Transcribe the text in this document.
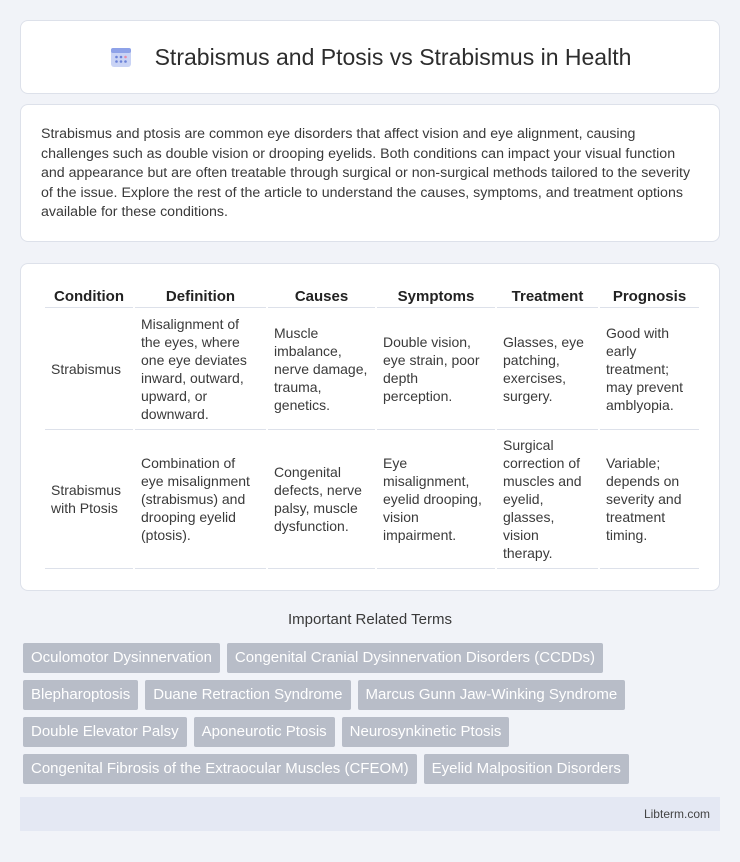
Strabismus and Ptosis vs Strabismus in Health

Strabismus and ptosis are common eye disorders that affect vision and eye alignment, causing challenges such as double vision or drooping eyelids. Both conditions can impact your visual function and appearance but are often treatable through surgical or non-surgical methods tailored to the severity of the issue. Explore the rest of the article to understand the causes, symptoms, and treatment options available for these conditions.

Condition	Definition	Causes	Symptoms	Treatment	Prognosis
Strabismus	Misalignment of the eyes, where one eye deviates inward, outward, upward, or downward.	Muscle imbalance, nerve damage, trauma, genetics.	Double vision, eye strain, poor depth perception.	Glasses, eye patching, exercises, surgery.	Good with early treatment; may prevent amblyopia.
Strabismus with Ptosis	Combination of eye misalignment (strabismus) and drooping eyelid (ptosis).	Congenital defects, nerve palsy, muscle dysfunction.	Eye misalignment, eyelid drooping, vision impairment.	Surgical correction of muscles and eyelid, glasses, vision therapy.	Variable; depends on severity and treatment timing.
Important Related Terms
Oculomotor Dysinnervation	Congenital Cranial Dysinnervation Disorders (CCDDs)
Blepharoptosis	Duane Retraction Syndrome	Marcus Gunn Jaw-Winking Syndrome
Double Elevator Palsy	Aponeurotic Ptosis	Neurosynkinetic Ptosis
Congenital Fibrosis of the Extraocular Muscles (CFEOM)	Eyelid Malposition Disorders
Libterm.com
